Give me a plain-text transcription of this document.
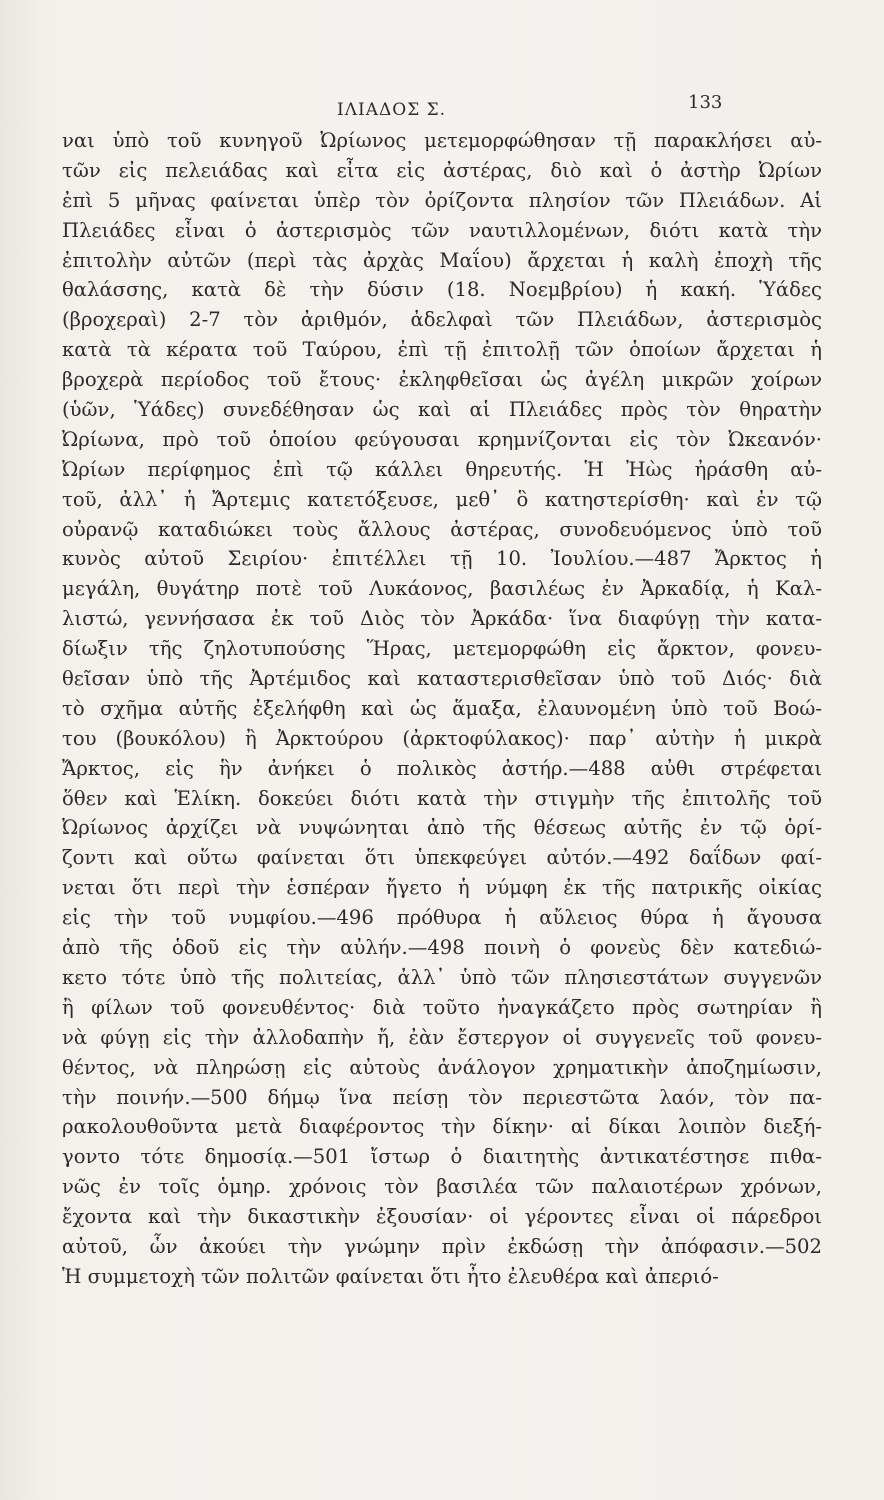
ΙΛΙΑΔΟΣ Σ.	133
ναι ὑπὸ τοῦ κυνηγοῦ Ὠρίωνος μετεμορφώθησαν τῇ παρακλήσει αὐ-
τῶν εἰς πελειάδας καὶ εἶτα εἰς ἀστέρας, διὸ καὶ ὁ ἀστὴρ Ὠρίων
ἐπὶ 5 μῆνας φαίνεται ὑπὲρ τὸν ὁρίζοντα πλησίον τῶν Πλειάδων. Αἱ
Πλειάδες εἶναι ὁ ἀστερισμὸς τῶν ναυτιλλομένων, διότι κατὰ τὴν
ἐπιτολὴν αὐτῶν (περὶ τὰς ἀρχὰς Μαΐου) ἄρχεται ἡ καλὴ ἐποχὴ τῆς
θαλάσσης, κατὰ δὲ τὴν δύσιν (18. Νοεμβρίου) ἡ κακή. Ὑάδες
(βροχεραὶ) 2-7 τὸν ἀριθμόν, ἀδελφαὶ τῶν Πλειάδων, ἀστερισμὸς
κατὰ τὰ κέρατα τοῦ Ταύρου, ἐπὶ τῇ ἐπιτολῇ τῶν ὁποίων ἄρχεται ἡ
βροχερὰ περίοδος τοῦ ἔτους· ἐκληφθεῖσαι ὡς ἀγέλη μικρῶν χοίρων
(ὑῶν, Ὑάδες) συνεδέθησαν ὡς καὶ αἱ Πλειάδες πρὸς τὸν θηρατὴν
Ὠρίωνα, πρὸ τοῦ ὁποίου φεύγουσαι κρημνίζονται εἰς τὸν Ὠκεανόν·
Ὠρίων περίφημος ἐπὶ τῷ κάλλει θηρευτής. Ἡ Ἠὼς ἠράσθη αὐ-
τοῦ, ἀλλ᾽ ἡ Ἄρτεμις κατετόξευσε, μεθ᾽ ὃ κατηστερίσθη· καὶ ἐν τῷ
οὐρανῷ καταδιώκει τοὺς ἄλλους ἀστέρας, συνοδευόμενος ὑπὸ τοῦ
κυνὸς αὐτοῦ Σειρίου· ἐπιτέλλει τῇ 10. Ἰουλίου.—487 Ἄρκτος ἡ
μεγάλη, θυγάτηρ ποτὲ τοῦ Λυκάονος, βασιλέως ἐν Ἀρκαδίᾳ, ἡ Καλ-
λιστώ, γεννήσασα ἐκ τοῦ Διὸς τὸν Ἀρκάδα· ἵνα διαφύγῃ τὴν κατα-
δίωξιν τῆς ζηλοτυπούσης Ἥρας, μετεμορφώθη εἰς ἄρκτον, φονευ-
θεῖσαν ὑπὸ τῆς Ἀρτέμιδος καὶ καταστερισθεῖσαν ὑπὸ τοῦ Διός· διὰ
τὸ σχῆμα αὐτῆς ἐξελήφθη καὶ ὡς ἅμαξα, ἐλαυνομένη ὑπὸ τοῦ Βοώ-
του (βουκόλου) ἢ Ἀρκτούρου (ἀρκτοφύλακος)· παρ᾽ αὐτὴν ἡ μικρὰ
Ἄρκτος, εἰς ἣν ἀνήκει ὁ πολικὸς ἀστήρ.—488 αὐθι στρέφεται
ὅθεν καὶ Ἑλίκη. δοκεύει διότι κατὰ τὴν στιγμὴν τῆς ἐπιτολῆς τοῦ
Ὠρίωνος ἀρχίζει νὰ νυψώνηται ἀπὸ τῆς θέσεως αὐτῆς ἐν τῷ ὁρί-
ζοντι καὶ οὕτω φαίνεται ὅτι ὑπεκφεύγει αὐτόν.—492 δαΐδων φαί-
νεται ὅτι περὶ τὴν ἑσπέραν ἤγετο ἡ νύμφη ἐκ τῆς πατρικῆς οἰκίας
εἰς τὴν τοῦ νυμφίου.—496 πρόθυρα ἡ αὔλειος θύρα ἡ ἄγουσα
ἀπὸ τῆς ὁδοῦ εἰς τὴν αὐλήν.—498 ποινὴ ὁ φονεὺς δὲν κατεδιώ-
κετο τότε ὑπὸ τῆς πολιτείας, ἀλλ᾽ ὑπὸ τῶν πλησιεστάτων συγγενῶν
ἢ φίλων τοῦ φονευθέντος· διὰ τοῦτο ἠναγκάζετο πρὸς σωτηρίαν ἢ
νὰ φύγῃ εἰς τὴν ἀλλοδαπὴν ἤ, ἐὰν ἔστεργον οἱ συγγενεῖς τοῦ φονευ-
θέντος, νὰ πληρώσῃ εἰς αὐτοὺς ἀνάλογον χρηματικὴν ἀποζημίωσιν,
τὴν ποινήν.—500 δήμῳ ἵνα πείσῃ τὸν περιεστῶτα λαόν, τὸν πα-
ρακολουθοῦντα μετὰ διαφέροντος τὴν δίκην· αἱ δίκαι λοιπὸν διεξή-
γοντο τότε δημοσίᾳ.—501 ἴστωρ ὁ διαιτητὴς ἀντικατέστησε πιθα-
νῶς ἐν τοῖς ὁμηρ. χρόνοις τὸν βασιλέα τῶν παλαιοτέρων χρόνων,
ἔχοντα καὶ τὴν δικαστικὴν ἐξουσίαν· οἱ γέροντες εἶναι οἱ πάρεδροι
αὐτοῦ, ὧν ἀκούει τὴν γνώμην πρὶν ἐκδώσῃ τὴν ἀπόφασιν.—502
Ἡ συμμετοχὴ τῶν πολιτῶν φαίνεται ὅτι ἦτο ἐλευθέρα καὶ ἀπεριό-
